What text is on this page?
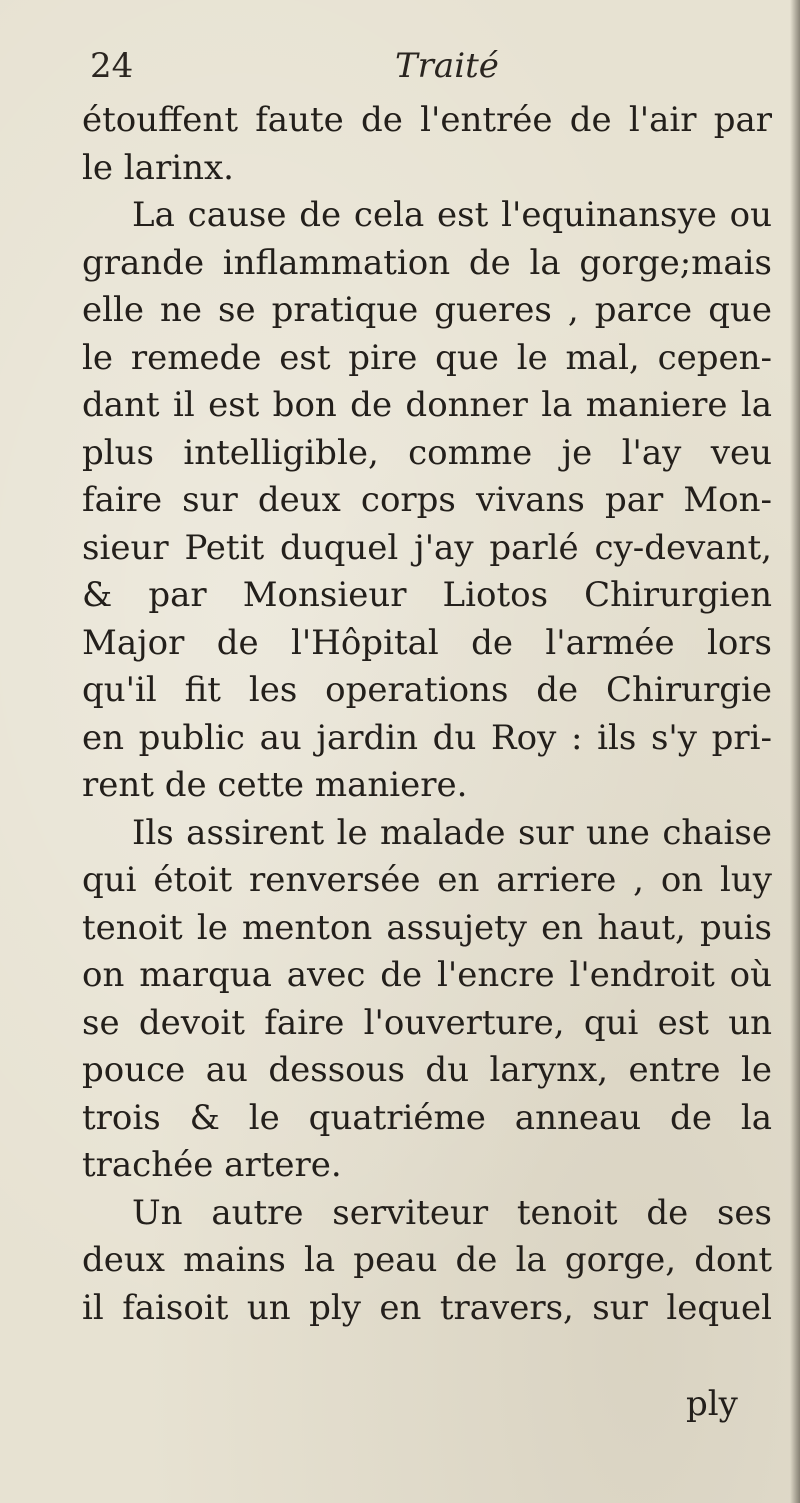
24	Traité
étouffent faute de l'entrée de l'air par
le larinx.
La cause de cela est l'equinansye ou
grande inflammation de la gorge;mais
elle ne se pratique gueres , parce que
le remede est pire que le mal, cepen-
dant il est bon de donner la maniere la
plus intelligible, comme je l'ay veu
faire sur deux corps vivans par Mon-
sieur Petit duquel j'ay parlé cy-devant,
& par Monsieur Liotos Chirurgien
Major de l'Hôpital de l'armée lors
qu'il fit les operations de Chirurgie
en public au jardin du Roy : ils s'y pri-
rent de cette maniere.
Ils assirent le malade sur une chaise
qui étoit renversée en arriere , on luy
tenoit le menton assujety en haut, puis
on marqua avec de l'encre l'endroit où
se devoit faire l'ouverture, qui est un
pouce au dessous du larynx, entre le
trois & le quatriéme anneau de la
trachée artere.
Un autre serviteur tenoit de ses
deux mains la peau de la gorge, dont
il faisoit un ply en travers, sur lequel
ply
